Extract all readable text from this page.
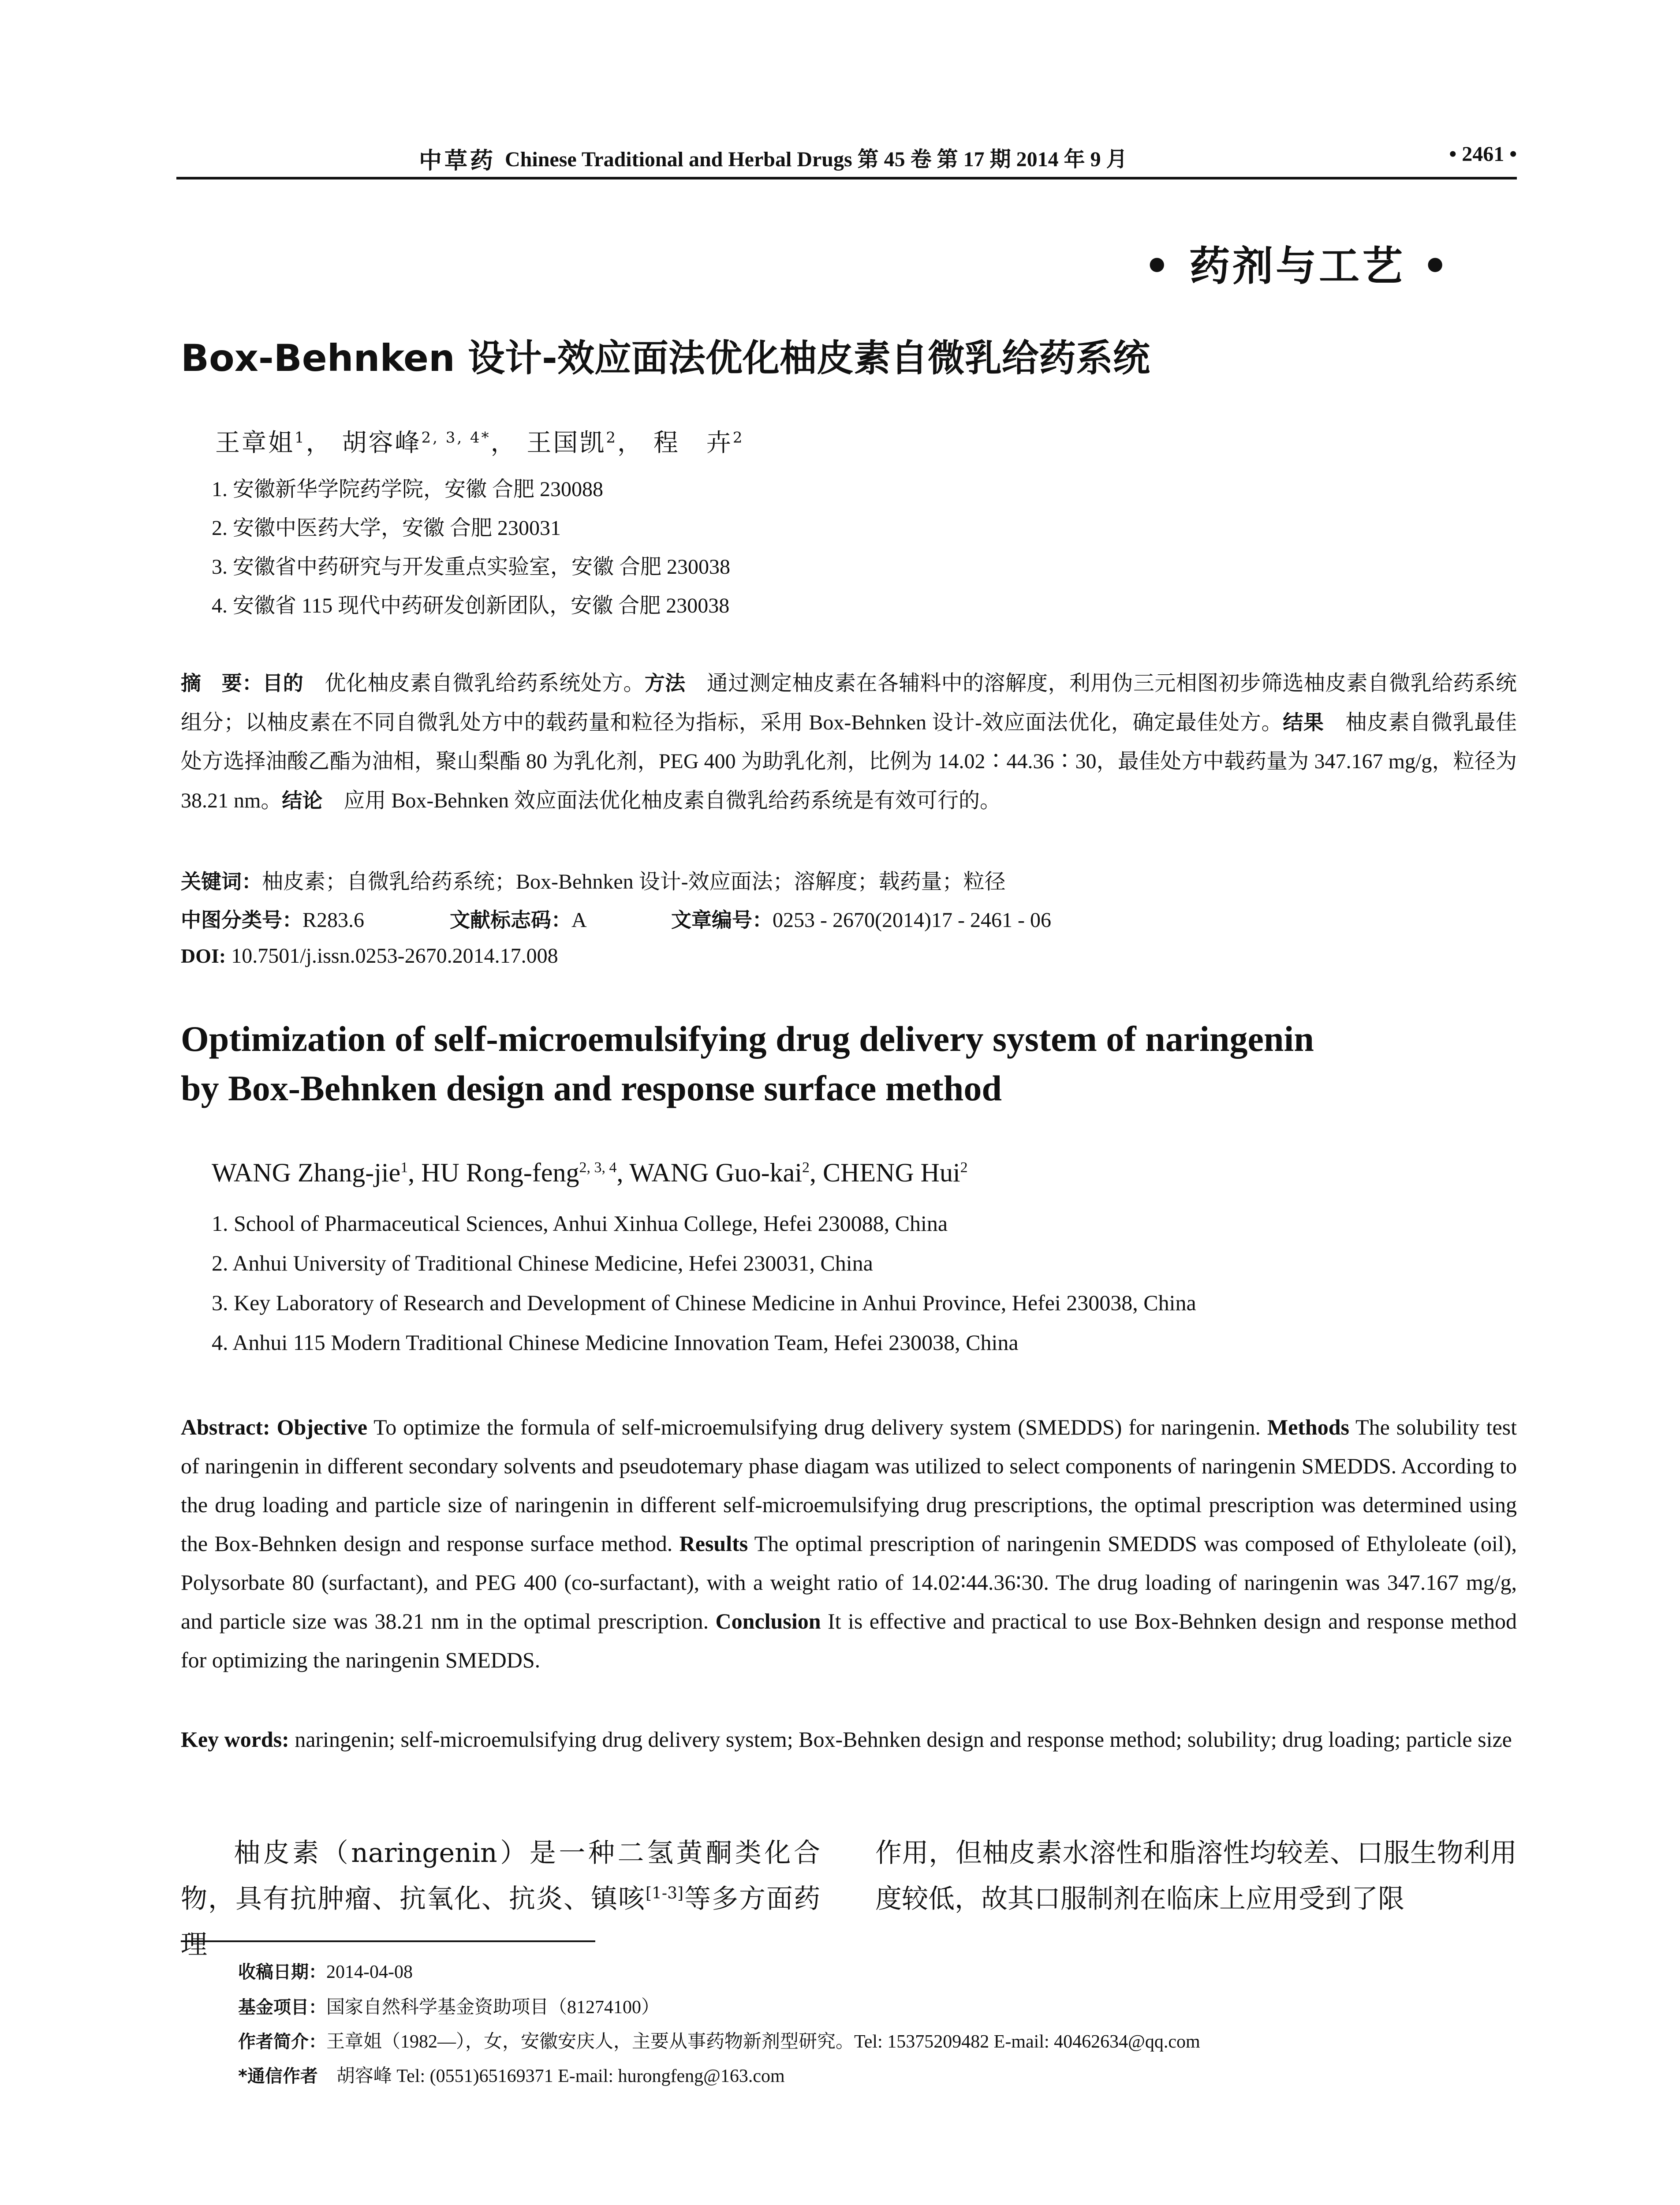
中草药 Chinese Traditional and Herbal Drugs 第 45 卷 第 17 期 2014 年 9 月	• 2461 •
• 药剂与工艺 •
Box-Behnken 设计-效应面法优化柚皮素自微乳给药系统
王章姐$^1$， 胡容峰$^{2, 3, 4*}$， 王国凯$^2$， 程　卉$^2$
1. 安徽新华学院药学院，安徽 合肥 230088
2. 安徽中医药大学，安徽 合肥 230031
3. 安徽省中药研究与开发重点实验室，安徽 合肥 230038
4. 安徽省 115 现代中药研发创新团队，安徽 合肥 230038
摘　要：目的　优化柚皮素自微乳给药系统处方。方法　通过测定柚皮素在各辅料中的溶解度，利用伪三元相图初步筛选柚皮素自微乳给药系统组分；以柚皮素在不同自微乳处方中的载药量和粒径为指标，采用 Box-Behnken 设计-效应面法优化，确定最佳处方。结果　柚皮素自微乳最佳处方选择油酸乙酯为油相，聚山梨酯 80 为乳化剂，PEG 400 为助乳化剂，比例为 14.02∶44.36∶30，最佳处方中载药量为 347.167 mg/g，粒径为 38.21 nm。结论　应用 Box-Behnken 效应面法优化柚皮素自微乳给药系统是有效可行的。
关键词：柚皮素；自微乳给药系统；Box-Behnken 设计-效应面法；溶解度；载药量；粒径
中图分类号：R283.6	文献标志码：A	文章编号：0253 - 2670(2014)17 - 2461 - 06
DOI: 10.7501/j.issn.0253-2670.2014.17.008
Optimization of self-microemulsifying drug delivery system of naringenin
by Box-Behnken design and response surface method
WANG Zhang-jie$^1$, HU Rong-feng$^{2, 3, 4}$, WANG Guo-kai$^2$, CHENG Hui$^2$
1. School of Pharmaceutical Sciences, Anhui Xinhua College, Hefei 230088, China
2. Anhui University of Traditional Chinese Medicine, Hefei 230031, China
3. Key Laboratory of Research and Development of Chinese Medicine in Anhui Province, Hefei 230038, China
4. Anhui 115 Modern Traditional Chinese Medicine Innovation Team, Hefei 230038, China
Abstract: Objective To optimize the formula of self-microemulsifying drug delivery system (SMEDDS) for naringenin. Methods The solubility test of naringenin in different secondary solvents and pseudotemary phase diagam was utilized to select components of naringenin SMEDDS. According to the drug loading and particle size of naringenin in different self-microemulsifying drug prescriptions, the optimal prescription was determined using the Box-Behnken design and response surface method. Results The optimal prescription of naringenin SMEDDS was composed of Ethyloleate (oil), Polysorbate 80 (surfactant), and PEG 400 (co-surfactant), with a weight ratio of 14.02∶44.36∶30. The drug loading of naringenin was 347.167 mg/g, and particle size was 38.21 nm in the optimal prescription. Conclusion It is effective and practical to use Box-Behnken design and response method for optimizing the naringenin SMEDDS.
Key words: naringenin; self-microemulsifying drug delivery system; Box-Behnken design and response method; solubility; drug loading; particle size
柚皮素（naringenin）是一种二氢黄酮类化合物，具有抗肿瘤、抗氧化、抗炎、镇咳[1-3]等多方面药理
作用，但柚皮素水溶性和脂溶性均较差、口服生物利用度较低，故其口服制剂在临床上应用受到了限
收稿日期：2014-04-08
基金项目：国家自然科学基金资助项目（81274100）
作者简介：王章姐（1982—），女，安徽安庆人，主要从事药物新剂型研究。Tel: 15375209482 E-mail: 40462634@qq.com
*通信作者　胡容峰 Tel: (0551)65169371 E-mail: hurongfeng@163.com
